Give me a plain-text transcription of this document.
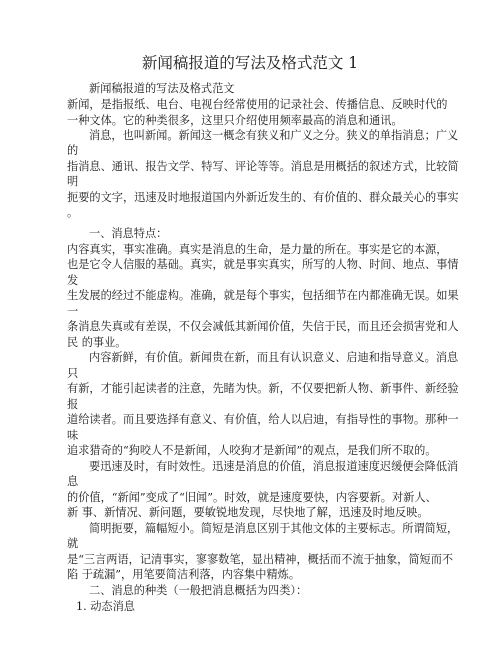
新闻稿报道的写法及格式范文 1
新闻稿报道的写法及格式范文
新闻，是指报纸、电台、电视台经常使用的记录社会、传播信息、反映时代的
一种文体。它的种类很多，这里只介绍使用频率最高的消息和通讯。
消息，也叫新闻。新闻这一概念有狭义和广义之分。狭义的单指消息；广义
的
指消息、通讯、报告文学、特写、评论等等。消息是用概括的叙述方式，比较简
明
扼要的文字，迅速及时地报道国内外新近发生的、有价值的、群众最关心的事实
。
一、消息特点：
内容真实，事实准确。真实是消息的生命，是力量的所在。事实是它的本源，
也是它令人信服的基础。真实，就是事实真实，所写的人物、时间、地点、事情
发
生发展的经过不能虚构。准确，就是每个事实，包括细节在内都准确无误。如果
一
条消息失真或有差误，不仅会减低其新闻价值，失信于民，而且还会损害党和人
民 的事业。
内容新鲜，有价值。新闻贵在新，而且有认识意义、启迪和指导意义。消息
只
有新，才能引起读者的注意，先睹为快。新，不仅要把新人物、新事件、新经验
报
道给读者。而且要选择有意义、有价值，给人以启迪，有指导性的事物。那种一
味
追求猎奇的“狗咬人不是新闻，人咬狗才是新闻”的观点，是我们所不取的。
要迅速及时，有时效性。迅速是消息的价值，消息报道速度迟缓便会降低消
息
的价值，“新闻”变成了“旧闻”。时效，就是速度要快，内容要新。对新人、
新 事、新情况、新问题，要敏锐地发现，尽快地了解，迅速及时地反映。
简明扼要，篇幅短小。简短是消息区别于其他文体的主要标志。所谓简短，
就
是“三言两语，记清事实，寥寥数笔，显出精神，概括而不流于抽象，简短而不
陷 于疏漏”，用笔要简洁利落，内容集中精炼。
二、消息的种类（一般把消息概括为四类）：
1. 动态消息
